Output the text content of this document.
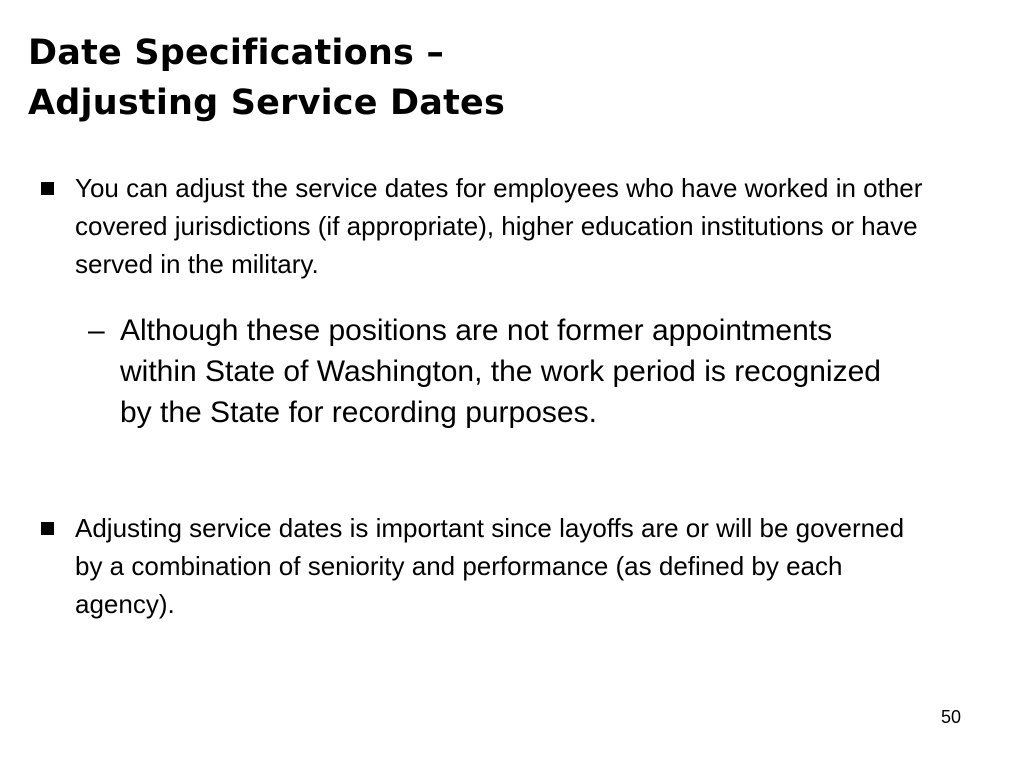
Date Specifications –
Adjusting Service Dates

You can adjust the service dates for employees who have worked in other covered jurisdictions (if appropriate), higher education institutions or have served in the military.

– Although these positions are not former appointments within State of Washington, the work period is recognized by the State for recording purposes.

Adjusting service dates is important since layoffs are or will be governed by a combination of seniority and performance (as defined by each agency).

50
